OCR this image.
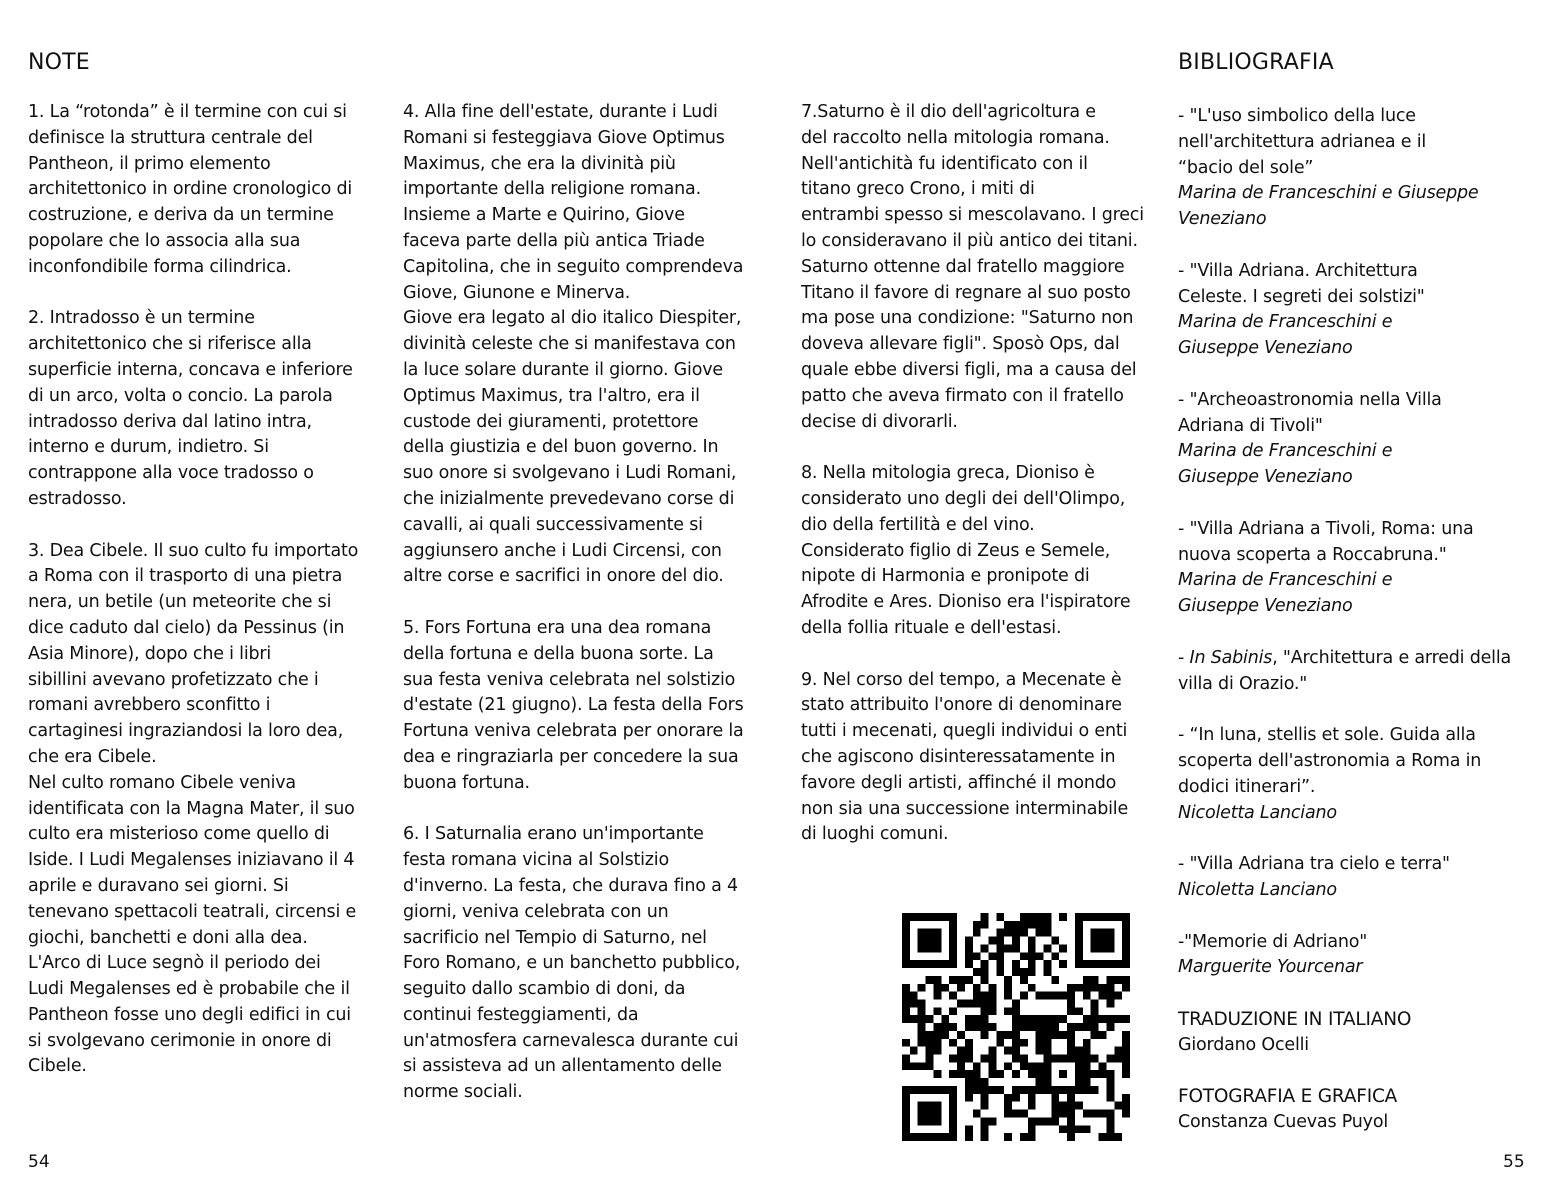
NOTE	BIBLIOGRAFIA

1. La “rotonda” è il termine con cui si
definisce la struttura centrale del
Pantheon, il primo elemento
architettonico in ordine cronologico di
costruzione, e deriva da un termine
popolare che lo associa alla sua
inconfondibile forma cilindrica.

2. Intradosso è un termine
architettonico che si riferisce alla
superficie interna, concava e inferiore
di un arco, volta o concio. La parola
intradosso deriva dal latino intra,
interno e durum, indietro. Si
contrappone alla voce tradosso o
estradosso.

3. Dea Cibele. Il suo culto fu importato
a Roma con il trasporto di una pietra
nera, un betile (un meteorite che si
dice caduto dal cielo) da Pessinus (in
Asia Minore), dopo che i libri
sibillini avevano profetizzato che i
romani avrebbero sconfitto i
cartaginesi ingraziandosi la loro dea,
che era Cibele.
Nel culto romano Cibele veniva
identificata con la Magna Mater, il suo
culto era misterioso come quello di
Iside. I Ludi Megalenses iniziavano il 4
aprile e duravano sei giorni. Si
tenevano spettacoli teatrali, circensi e
giochi, banchetti e doni alla dea.
L'Arco di Luce segnò il periodo dei
Ludi Megalenses ed è probabile che il
Pantheon fosse uno degli edifici in cui
si svolgevano cerimonie in onore di
Cibele.

4. Alla fine dell'estate, durante i Ludi
Romani si festeggiava Giove Optimus
Maximus, che era la divinità più
importante della religione romana.
Insieme a Marte e Quirino, Giove
faceva parte della più antica Triade
Capitolina, che in seguito comprendeva
Giove, Giunone e Minerva.
Giove era legato al dio italico Diespiter,
divinità celeste che si manifestava con
la luce solare durante il giorno. Giove
Optimus Maximus, tra l'altro, era il
custode dei giuramenti, protettore
della giustizia e del buon governo. In
suo onore si svolgevano i Ludi Romani,
che inizialmente prevedevano corse di
cavalli, ai quali successivamente si
aggiunsero anche i Ludi Circensi, con
altre corse e sacrifici in onore del dio.

5. Fors Fortuna era una dea romana
della fortuna e della buona sorte. La
sua festa veniva celebrata nel solstizio
d'estate (21 giugno). La festa della Fors
Fortuna veniva celebrata per onorare la
dea e ringraziarla per concedere la sua
buona fortuna.

6. I Saturnalia erano un'importante
festa romana vicina al Solstizio
d'inverno. La festa, che durava fino a 4
giorni, veniva celebrata con un
sacrificio nel Tempio di Saturno, nel
Foro Romano, e un banchetto pubblico,
seguito dallo scambio di doni, da
continui festeggiamenti, da
un'atmosfera carnevalesca durante cui
si assisteva ad un allentamento delle
norme sociali.

7.Saturno è il dio dell'agricoltura e
del raccolto nella mitologia romana.
Nell'antichità fu identificato con il
titano greco Crono, i miti di
entrambi spesso si mescolavano. I greci
lo consideravano il più antico dei titani.
Saturno ottenne dal fratello maggiore
Titano il favore di regnare al suo posto
ma pose una condizione: "Saturno non
doveva allevare figli". Sposò Ops, dal
quale ebbe diversi figli, ma a causa del
patto che aveva firmato con il fratello
decise di divorarli.

8. Nella mitologia greca, Dioniso è
considerato uno degli dei dell'Olimpo,
dio della fertilità e del vino.
Considerato figlio di Zeus e Semele,
nipote di Harmonia e pronipote di
Afrodite e Ares. Dioniso era l'ispiratore
della follia rituale e dell'estasi.

9. Nel corso del tempo, a Mecenate è
stato attribuito l'onore di denominare
tutti i mecenati, quegli individui o enti
che agiscono disinteressatamente in
favore degli artisti, affinché il mondo
non sia una successione interminabile
di luoghi comuni.

- "L'uso simbolico della luce
nell'architettura adrianea e il
“bacio del sole”
Marina de Franceschini e Giuseppe
Veneziano
- "Villa Adriana. Architettura
Celeste. I segreti dei solstizi"
Marina de Franceschini e
Giuseppe Veneziano
- "Archeoastronomia nella Villa
Adriana di Tivoli"
Marina de Franceschini e
Giuseppe Veneziano
- "Villa Adriana a Tivoli, Roma: una
nuova scoperta a Roccabruna."
Marina de Franceschini e
Giuseppe Veneziano
- In Sabinis, "Architettura e arredi della
villa di Orazio."
- “In luna, stellis et sole. Guida alla
scoperta dell'astronomia a Roma in
dodici itinerari”.
Nicoletta Lanciano
- "Villa Adriana tra cielo e terra"
Nicoletta Lanciano
-"Memorie di Adriano"
Marguerite Yourcenar
TRADUZIONE IN ITALIANO
Giordano Ocelli
FOTOGRAFIA E GRAFICA
Constanza Cuevas Puyol
54	55
